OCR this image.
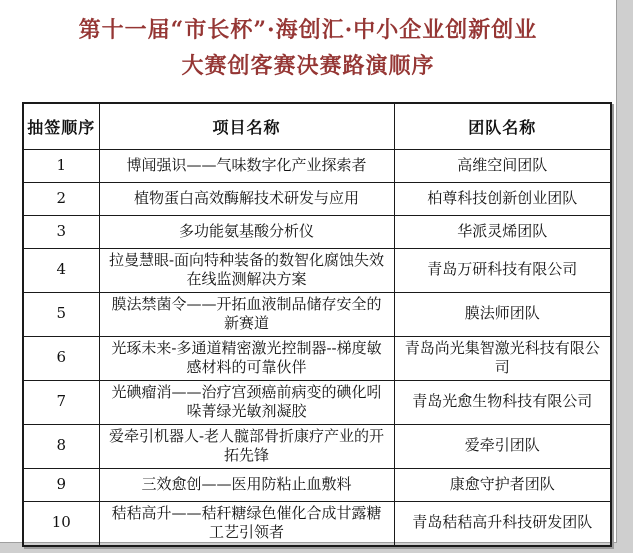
第十一届“市长杯”·海创汇·中小企业创新创业
大赛创客赛决赛路演顺序
抽签顺序	项目名称	团队名称
1	博闻强识——气味数字化产业探索者	高维空间团队
2	植物蛋白高效酶解技术研发与应用	柏尊科技创新创业团队
3	多功能氨基酸分析仪	华派灵烯团队
4	拉曼慧眼-面向特种装备的数智化腐蚀失效在线监测解决方案	青岛万研科技有限公司
5	膜法禁菌令——开拓血液制品储存安全的新赛道	膜法师团队
6	光琢未来-多通道精密激光控制器--梯度敏感材料的可靠伙伴	青岛尚光集智激光科技有限公司
7	光碘瘤消——治疗宫颈癌前病变的碘化吲哚菁绿光敏剂凝胶	青岛光愈生物科技有限公司
8	爱牵引机器人-老人髋部骨折康疗产业的开拓先锋	爱牵引团队
9	三效愈创——医用防粘止血敷料	康愈守护者团队
10	秸秸高升——秸秆糖绿色催化合成甘露糖工艺引领者	青岛秸秸高升科技研发团队
